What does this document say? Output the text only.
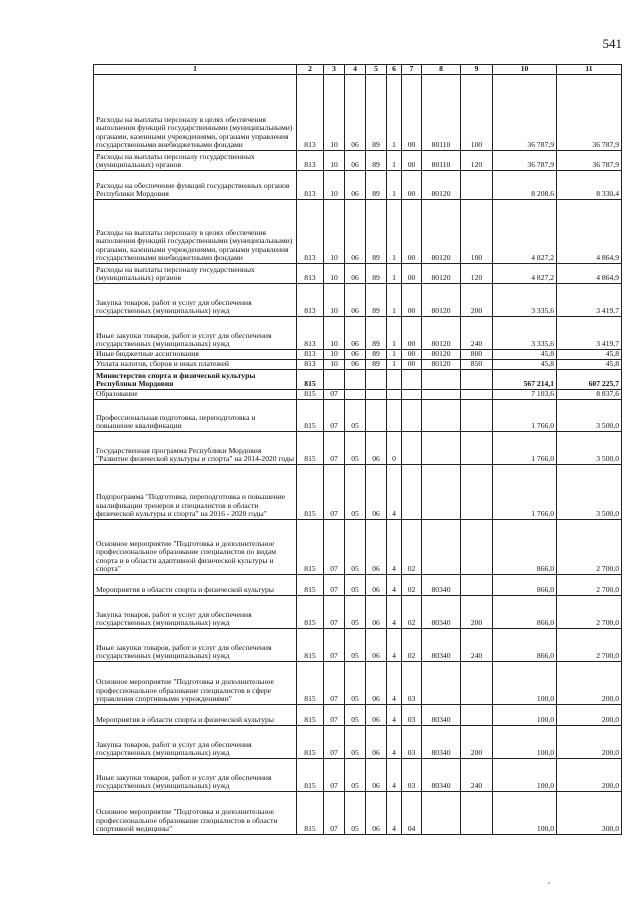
541
1	2	3	4	5	6	7	8	9	10	11
Расходы на выплаты персоналу в целях обеспечения выполнения функций государственными (муниципальными) органами, казенными учреждениями, органами управления государственными внебюджетными фондами	813	10	06	89	1	00	80110	100	36 787,9	36 787,9
Расходы на выплаты персоналу государственных (муниципальных) органов	813	10	06	89	1	00	80110	120	36 787,9	36 787,9
Расходы на обеспечение функций государственных органов Республики Мордовия	813	10	06	89	1	00	80120		8 208,6	8 330,4
Расходы на выплаты персоналу в целях обеспечения выполнения функций государственными (муниципальными) органами, казенными учреждениями, органами управления государственными внебюджетными фондами	813	10	06	89	1	00	80120	100	4 827,2	4 864,9
Расходы на выплаты персоналу государственных (муниципальных) органов	813	10	06	89	1	00	80120	120	4 827,2	4 864,9
Закупка товаров, работ и услуг для обеспечения государственных (муниципальных) нужд	813	10	06	89	1	00	80120	200	3 335,6	3 419,7
Иные закупки товаров, работ и услуг для обеспечения государственных (муниципальных) нужд	813	10	06	89	1	00	80120	240	3 335,6	3 419,7
Иные бюджетные ассигнования	813	10	06	89	1	00	80120	800	45,8	45,8
Уплата налогов, сборов и иных платежей	813	10	06	89	1	00	80120	850	45,8	45,8
Министерство спорта и физической культуры Республики Мордовия	815								567 214,1	607 225,7
Образование	815	07							7 103,6	8 837,6
Профессиональная подготовка, переподготовка и повышение квалификации	815	07	05						1 766,0	3 500,0
Государственная программа Республики Мордовия "Развитие физической культуры и спорта" на 2014-2020 годы	815	07	05	06	0				1 766,0	3 500,0
Подпрограмма "Подготовка, переподготовка и повышение квалификации тренеров и специалистов в области физической культуры и спорта" на 2016 - 2020 годы"	815	07	05	06	4				1 766,0	3 500,0
Основное мероприятие "Подготовка и дополнительное профессиональное образование специалистов по видам спорта и в области адаптивной физической культуры и спорта"	815	07	05	06	4	02			866,0	2 700,0
Мероприятия в области спорта и физической культуры	815	07	05	06	4	02	80340		866,0	2 700,0
Закупка товаров, работ и услуг для обеспечения государственных (муниципальных) нужд	815	07	05	06	4	02	80340	200	866,0	2 700,0
Иные закупки товаров, работ и услуг для обеспечения государственных (муниципальных) нужд	815	07	05	06	4	02	80340	240	866,0	2 700,0
Основное мероприятие "Подготовка и дополнительное профессиональное образование специалистов в сфере управления спортивными учреждениями"	815	07	05	06	4	03			100,0	200,0
Мероприятия в области спорта и физической культуры	815	07	05	06	4	03	80340		100,0	200,0
Закупка товаров, работ и услуг для обеспечения государственных (муниципальных) нужд	815	07	05	06	4	03	80340	200	100,0	200,0
Иные закупки товаров, работ и услуг для обеспечения государственных (муниципальных) нужд	815	07	05	06	4	03	80340	240	100,0	200,0
Основное мероприятие "Подготовка и дополнительное профессиональное образование специалистов в области спортивной медицины"	815	07	05	06	4	04			100,0	300,0
